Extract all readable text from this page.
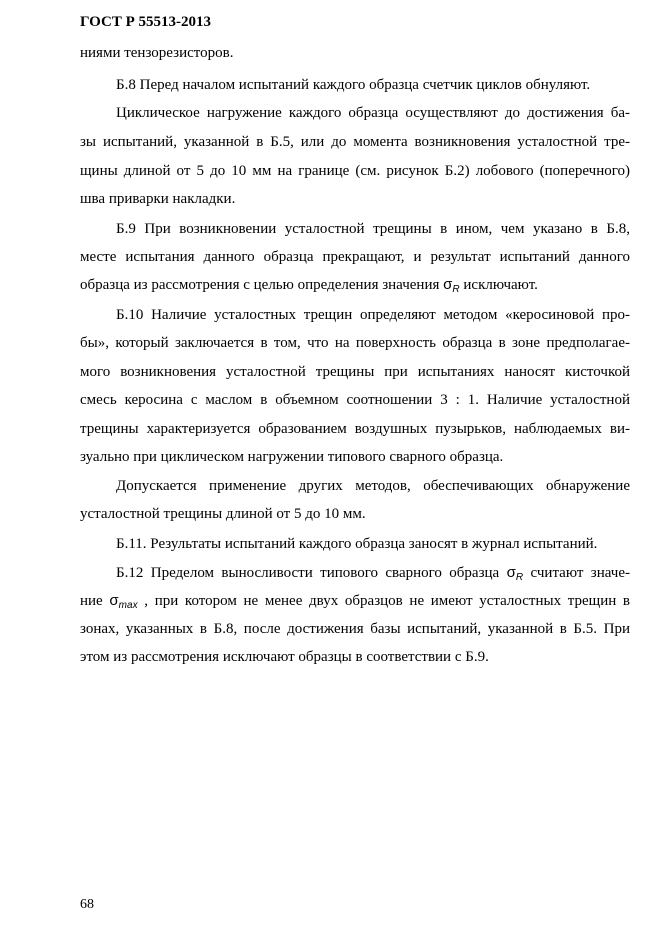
ГОСТ Р 55513-2013
ниями тензорезисторов.
Б.8 Перед началом испытаний каждого образца счетчик циклов обнуляют.
Циклическое нагружение каждого образца осуществляют до достижения ба-
зы испытаний, указанной в Б.5, или до момента возникновения усталостной тре-
щины длиной от 5 до 10 мм на границе (см. рисунок Б.2) лобового (поперечного)
шва приварки накладки.
Б.9 При возникновении усталостной трещины в ином, чем указано в Б.8,
месте испытания данного образца прекращают, и результат испытаний данного
образца из рассмотрения с целью определения значения $\sigma_R$ исключают.
Б.10 Наличие усталостных трещин определяют методом «керосиновой про-
бы», который заключается в том, что на поверхность образца в зоне предполагае-
мого возникновения усталостной трещины при испытаниях наносят кисточкой
смесь керосина с маслом в объемном соотношении 3 : 1. Наличие усталостной
трещины характеризуется образованием воздушных пузырьков, наблюдаемых ви-
зуально при циклическом нагружении типового сварного образца.
Допускается применение других методов, обеспечивающих обнаружение
усталостной трещины длиной от 5 до 10 мм.
Б.11. Результаты испытаний каждого образца заносят в журнал испытаний.
Б.12 Пределом выносливости типового сварного образца $\sigma_R$ считают значе-
ние $\sigma_{max}$ , при котором не менее двух образцов не имеют усталостных трещин в
зонах, указанных в Б.8, после достижения базы испытаний, указанной в Б.5. При
этом из рассмотрения исключают образцы в соответствии с Б.9.
68
